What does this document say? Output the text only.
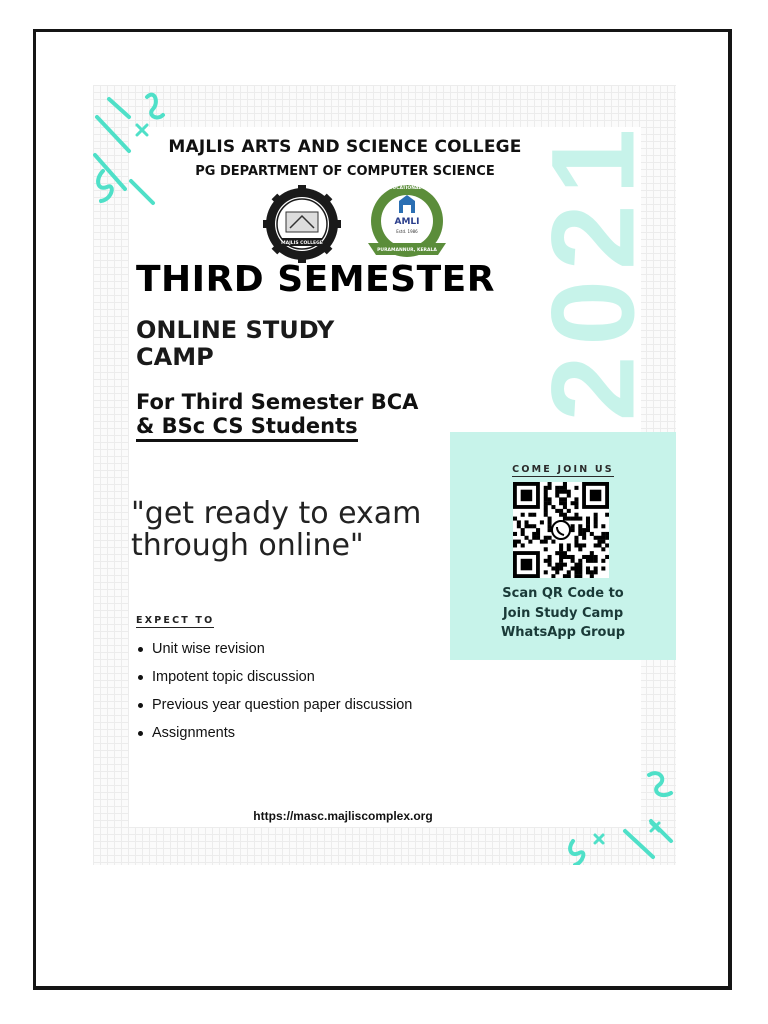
2021
MAJLIS ARTS AND SCIENCE COLLEGE
PG DEPARTMENT OF COMPUTER SCIENCE
MAJLIS COLLEGE
AMLI
Estd. 1986
MAJLIS EDUCATIONAL COMPLEX
PURAMANNUR, KERALA
THIRD SEMESTER
ONLINE STUDY CAMP
For Third Semester BCA
& BSc CS Students
"get ready to exam through online"
EXPECT TO
Unit wise revision
Impotent topic discussion
Previous year question paper discussion
Assignments
https://masc.majliscomplex.org
COME JOIN US
Scan QR Code to
Join Study Camp
WhatsApp Group
